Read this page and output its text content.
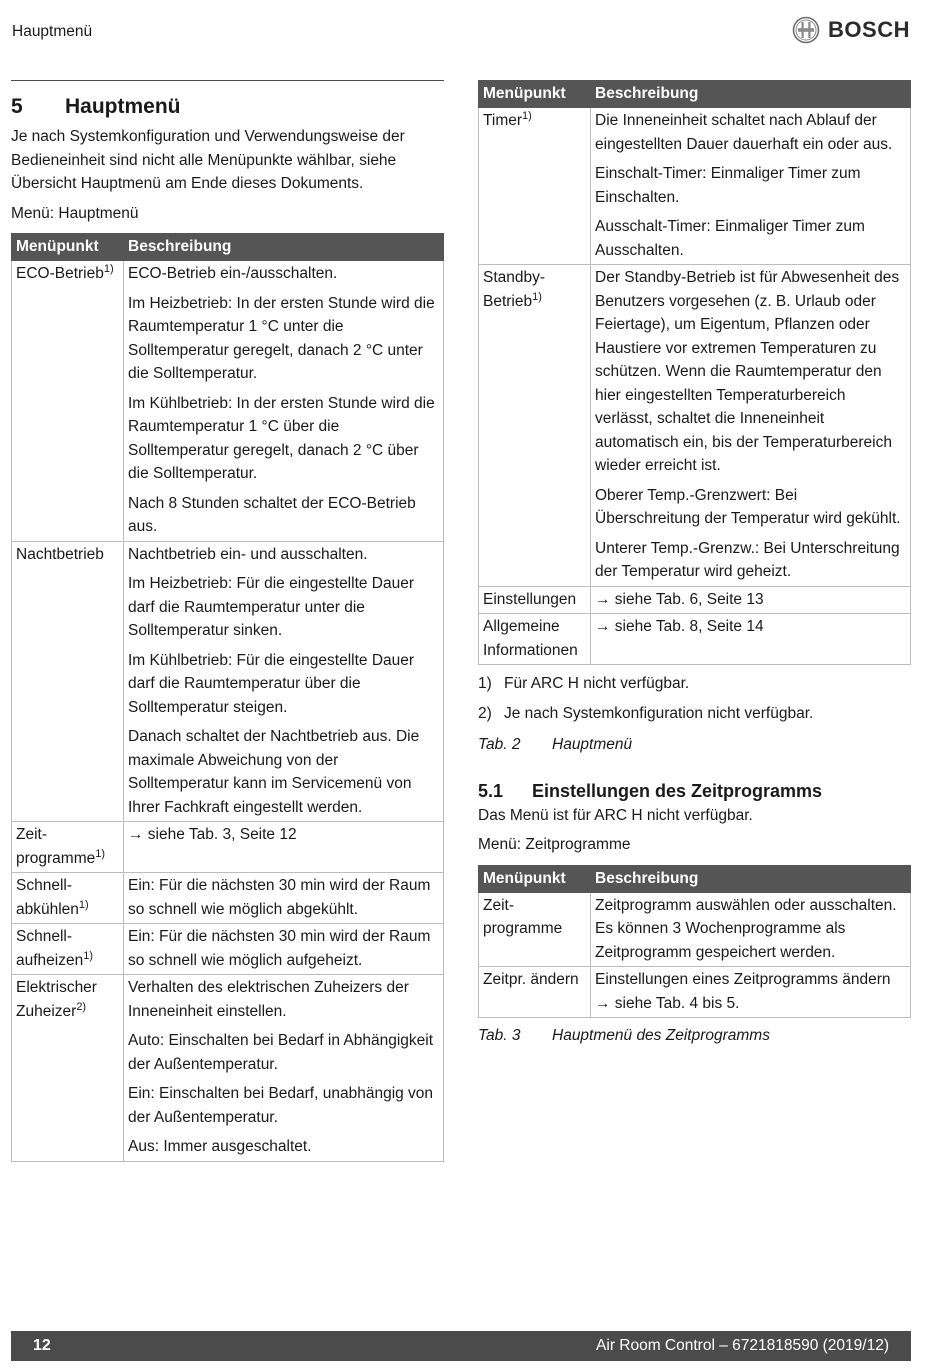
Hauptmenü	BOSCH
5 Hauptmenü

Je nach Systemkonfiguration und Verwendungsweise der Bedieneinheit sind nicht alle Menüpunkte wählbar, siehe Übersicht Hauptmenü am Ende dieses Dokuments.

Menü: Hauptmenü

Menüpunkt	Beschreibung
ECO-Betrieb$^{1)}$	ECO-Betrieb ein-/ausschalten.

Im Heizbetrieb: In der ersten Stunde wird die Raumtemperatur 1 °C unter die Solltemperatur geregelt, danach 2 °C unter die Solltemperatur.

Im Kühlbetrieb: In der ersten Stunde wird die Raumtemperatur 1 °C über die Solltemperatur geregelt, danach 2 °C über die Solltemperatur.

Nach 8 Stunden schaltet der ECO-Betrieb aus.

Nachtbetrieb	Nachtbetrieb ein- und ausschalten.

Im Heizbetrieb: Für die eingestellte Dauer darf die Raumtemperatur unter die Solltemperatur sinken.

Im Kühlbetrieb: Für die eingestellte Dauer darf die Raumtemperatur über die Solltemperatur steigen.

Danach schaltet der Nachtbetrieb aus. Die maximale Abweichung von der Solltemperatur kann im Servicemenü von Ihrer Fachkraft eingestellt werden.

Zeit-programme$^{1)}$	→ siehe Tab. 3, Seite 12

Schnell-abkühlen$^{1)}$	Ein: Für die nächsten 30 min wird der Raum so schnell wie möglich abgekühlt.

Schnell-aufheizen$^{1)}$	Ein: Für die nächsten 30 min wird der Raum so schnell wie möglich aufgeheizt.

Elektrischer Zuheizer$^{2)}$	Verhalten des elektrischen Zuheizers der Inneneinheit einstellen.

Auto: Einschalten bei Bedarf in Abhängigkeit der Außentemperatur.

Ein: Einschalten bei Bedarf, unabhängig von der Außentemperatur.

Aus: Immer ausgeschaltet.

Menüpunkt	Beschreibung
Timer$^{1)}$	Die Inneneinheit schaltet nach Ablauf der eingestellten Dauer dauerhaft ein oder aus.

Einschalt-Timer: Einmaliger Timer zum Einschalten.

Ausschalt-Timer: Einmaliger Timer zum Ausschalten.

Standby-Betrieb$^{1)}$	Der Standby-Betrieb ist für Abwesenheit des Benutzers vorgesehen (z. B. Urlaub oder Feiertage), um Eigentum, Pflanzen oder Haustiere vor extremen Temperaturen zu schützen. Wenn die Raumtemperatur den hier eingestellten Temperaturbereich verlässt, schaltet die Inneneinheit automatisch ein, bis der Temperaturbereich wieder erreicht ist.

Oberer Temp.-Grenzwert: Bei Überschreitung der Temperatur wird gekühlt.

Unterer Temp.-Grenzw.: Bei Unterschreitung der Temperatur wird geheizt.

Einstellungen	→ siehe Tab. 6, Seite 13

Allgemeine Informationen	→ siehe Tab. 8, Seite 14

1) Für ARC H nicht verfügbar.
2) Je nach Systemkonfiguration nicht verfügbar.
Tab. 2	Hauptmenü
5.1 Einstellungen des Zeitprogramms

Das Menü ist für ARC H nicht verfügbar.

Menü: Zeitprogramme

Menüpunkt	Beschreibung
Zeit-programme	Zeitprogramm auswählen oder ausschalten. Es können 3 Wochenprogramme als Zeitprogramm gespeichert werden.

Zeitpr. ändern	Einstellungen eines Zeitprogramms ändern → siehe Tab. 4 bis 5.

Tab. 3	Hauptmenü des Zeitprogramms
12	Air Room Control – 6721818590 (2019/12)
